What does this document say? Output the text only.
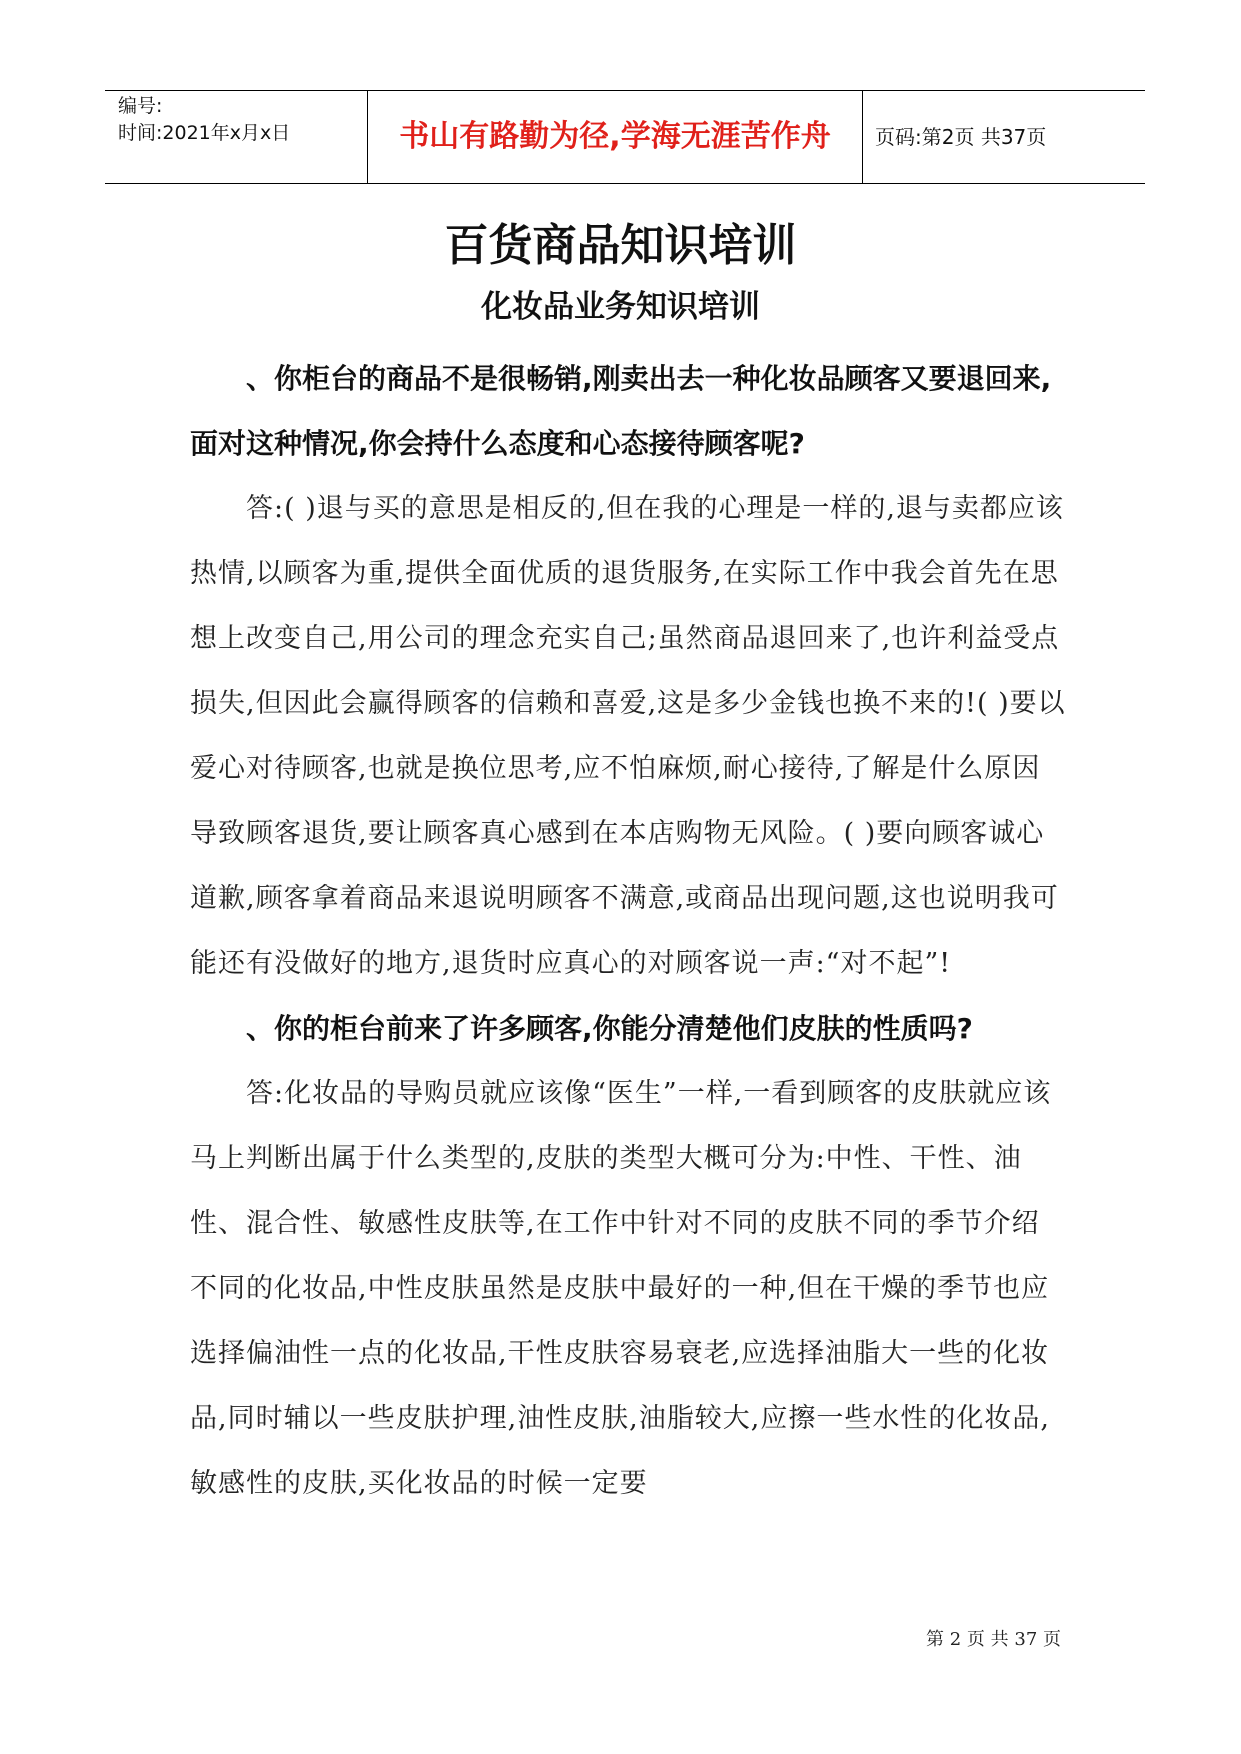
编号:
时间:2021年x月x日	书山有路勤为径,学海无涯苦作舟	页码:第2页 共37页
百货商品知识培训
化妆品业务知识培训

、你柜台的商品不是很畅销,刚卖出去一种化妆品顾客又要退回来,面对这种情况,你会持什么态度和心态接待顾客呢?

答:( )退与买的意思是相反的,但在我的心理是一样的,退与卖都应该热情,以顾客为重,提供全面优质的退货服务,在实际工作中我会首先在思想上改变自己,用公司的理念充实自己;虽然商品退回来了,也许利益受点损失,但因此会赢得顾客的信赖和喜爱,这是多少金钱也换不来的!( )要以爱心对待顾客,也就是换位思考,应不怕麻烦,耐心接待,了解是什么原因导致顾客退货,要让顾客真心感到在本店购物无风险。( )要向顾客诚心道歉,顾客拿着商品来退说明顾客不满意,或商品出现问题,这也说明我可能还有没做好的地方,退货时应真心的对顾客说一声:“对不起”!

、你的柜台前来了许多顾客,你能分清楚他们皮肤的性质吗?

答:化妆品的导购员就应该像“医生”一样,一看到顾客的皮肤就应该马上判断出属于什么类型的,皮肤的类型大概可分为:中性、干性、油性、混合性、敏感性皮肤等,在工作中针对不同的皮肤不同的季节介绍不同的化妆品,中性皮肤虽然是皮肤中最好的一种,但在干燥的季节也应选择偏油性一点的化妆品,干性皮肤容易衰老,应选择油脂大一些的化妆品,同时辅以一些皮肤护理,油性皮肤,油脂较大,应擦一些水性的化妆品,敏感性的皮肤,买化妆品的时候一定要

第 2 页 共 37 页
